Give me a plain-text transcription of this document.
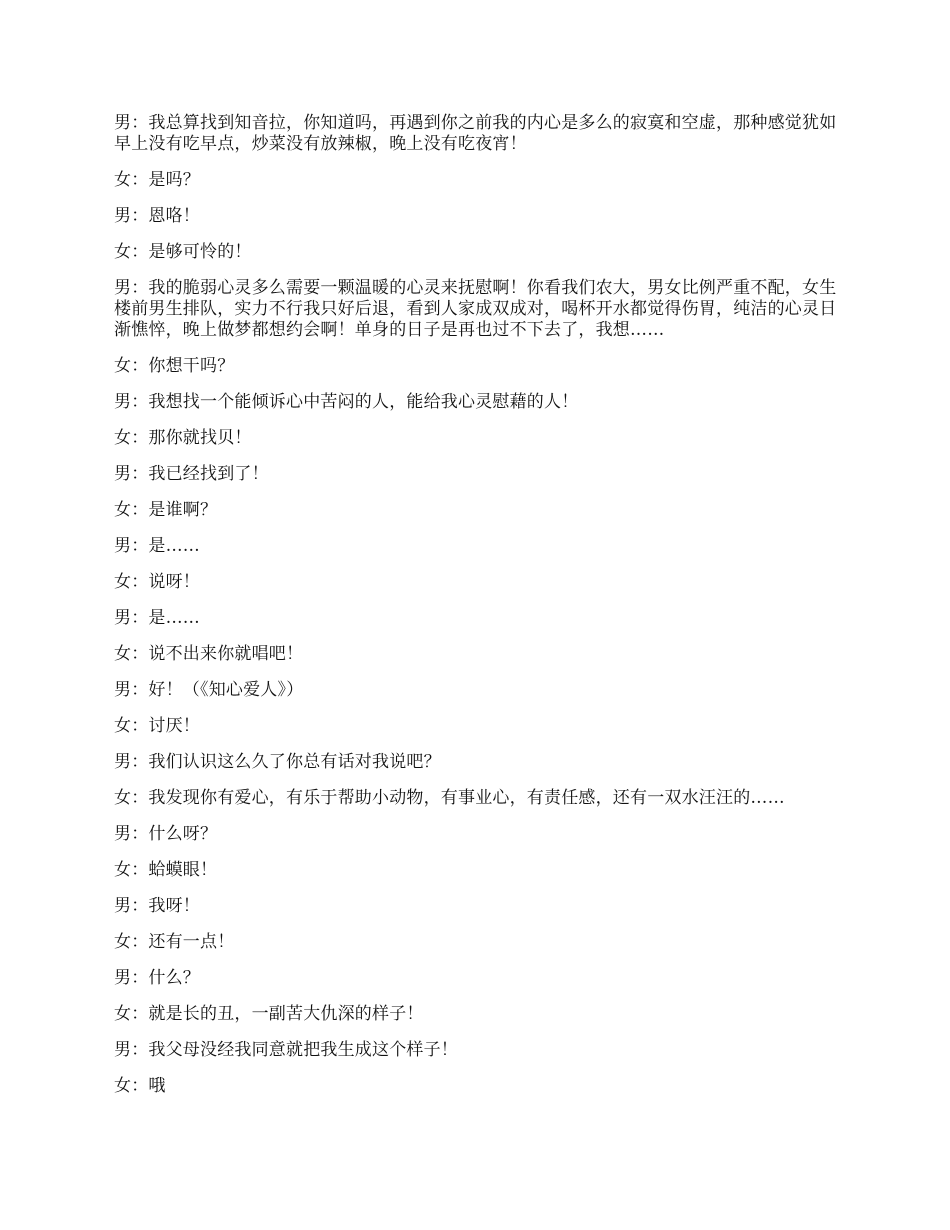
男：我总算找到知音拉，你知道吗，再遇到你之前我的内心是多么的寂寞和空虚，那种感觉犹如早上没有吃早点，炒菜没有放辣椒，晚上没有吃夜宵！

女：是吗？

男：恩咯！

女：是够可怜的！

男：我的脆弱心灵多么需要一颗温暖的心灵来抚慰啊！你看我们农大，男女比例严重不配，女生楼前男生排队，实力不行我只好后退，看到人家成双成对，喝杯开水都觉得伤胃，纯洁的心灵日渐憔悴，晚上做梦都想约会啊！单身的日子是再也过不下去了，我想……

女：你想干吗？

男：我想找一个能倾诉心中苦闷的人，能给我心灵慰藉的人！

女：那你就找贝！

男：我已经找到了！

女：是谁啊？

男：是……

女：说呀！

男：是……

女：说不出来你就唱吧！

男：好！（《知心爱人》）

女：讨厌！

男：我们认识这么久了你总有话对我说吧？

女：我发现你有爱心，有乐于帮助小动物，有事业心，有责任感，还有一双水汪汪的……

男：什么呀？

女：蛤蟆眼！

男：我呀！

女：还有一点！

男：什么？

女：就是长的丑，一副苦大仇深的样子！

男：我父母没经我同意就把我生成这个样子！

女：哦
